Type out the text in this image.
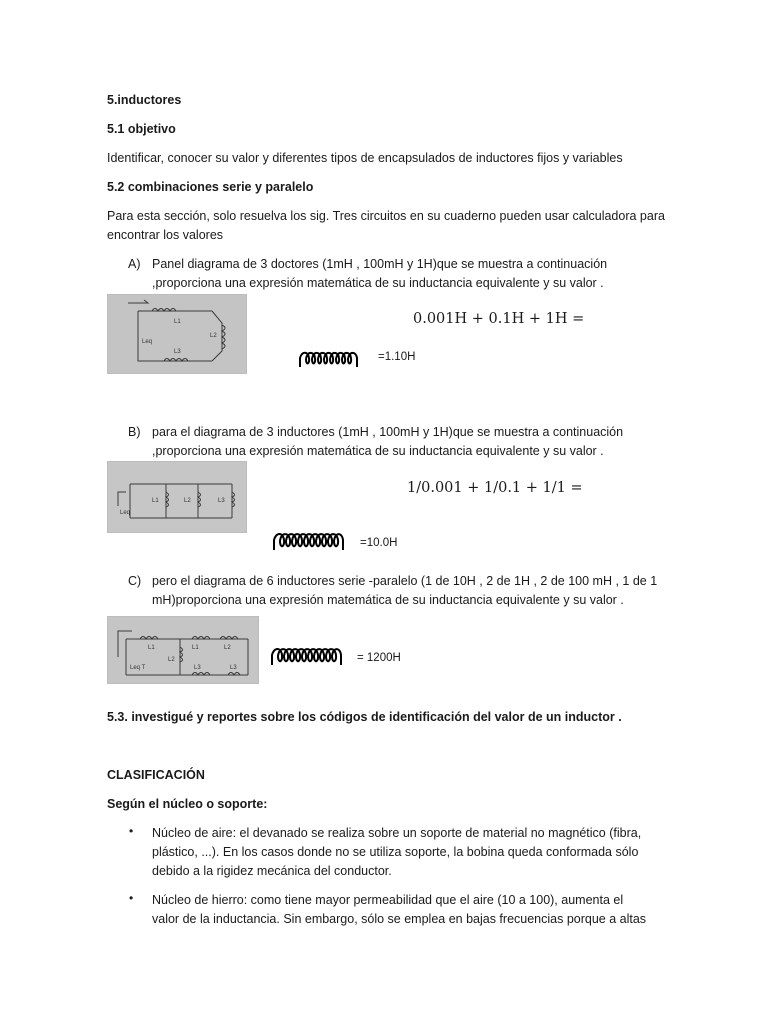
5.inductores
5.1 objetivo
Identificar, conocer su valor y diferentes tipos de encapsulados de inductores fijos y variables
5.2 combinaciones serie y paralelo
Para esta sección, solo resuelva los sig. Tres circuitos en su cuaderno pueden usar calculadora para
encontrar los valores
A) Panel diagrama de 3 doctores (1mH , 100mH y 1H)que se muestra a continuación
,proporciona una expresión matemática de su inductancia equivalente y su valor .
L1
L2
L3
Leq
0.001H + 0.1H + 1H =
=1.10H
B) para el diagrama de 3 inductores (1mH , 100mH y 1H)que se muestra a continuación
,proporciona una expresión matemática de su inductancia equivalente y su valor .
L1	L2	L3
Leq
1/0.001 + 1/0.1 + 1/1 =
=10.0H
C) pero el diagrama de 6 inductores serie -paralelo (1 de 10H , 2 de 1H , 2 de 100 mH , 1 de 1
mH)proporciona una expresión matemática de su inductancia equivalente y su valor .
L1	L1	L2
L2
L3	L3
Leq T
= 1200H
5.3. investigué y reportes sobre los códigos de identificación del valor de un inductor .
CLASIFICACIÓN
Según el núcleo o soporte:
• Núcleo de aire: el devanado se realiza sobre un soporte de material no magnético (fibra,
plástico, ...). En los casos donde no se utiliza soporte, la bobina queda conformada sólo
debido a la rigidez mecánica del conductor.
• Núcleo de hierro: como tiene mayor permeabilidad que el aire (10 a 100), aumenta el
valor de la inductancia. Sin embargo, sólo se emplea en bajas frecuencias porque a altas
